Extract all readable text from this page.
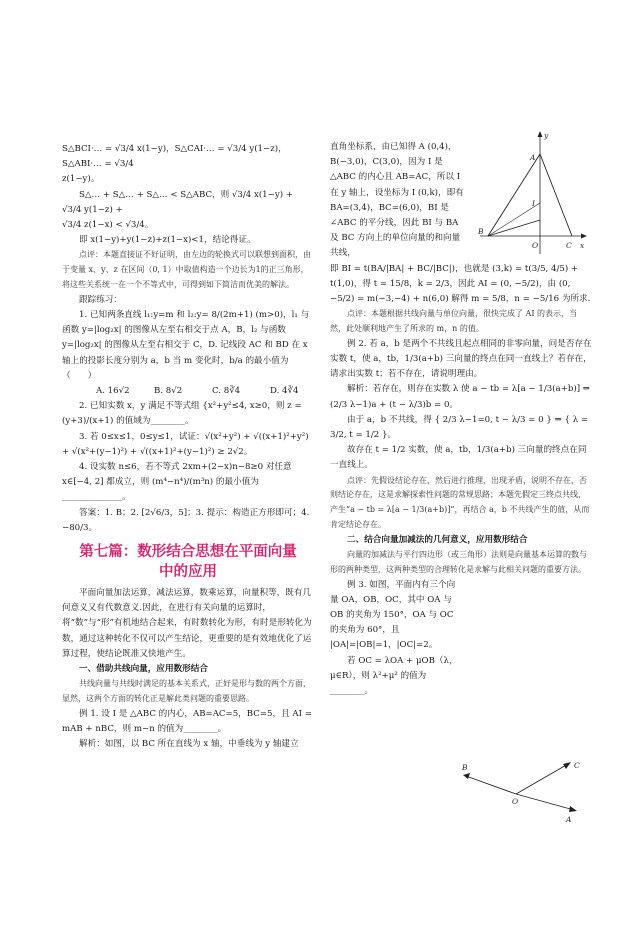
S△BCI·… = √3/4 x(1−y)，S△CAI·… = √3/4 y(1−z)，S△ABI·… = √3/4

z(1−y)。

S△… + S△… + S△… < S△ABC，则 √3/4 x(1−y) + √3/4 y(1−z) +

√3/4 z(1−x) < √3/4。

即 x(1−y)+y(1−z)+z(1−x)<1，结论得证。

点评：本题直接证不好证明，由左边的轮换式可以联想到面积，由于变量 x、y、z 在区间（0, 1）中取值构造一个边长为1的正三角形，将这些关系统一在一个不等式中，可得到如下简洁而优美的解法。

跟踪练习：

1. 已知两条直线 l₁:y=m 和 l₂:y= 8/(2m+1) (m>0)，l₁ 与函数 y=|log₂x| 的图像从左至右相交于点 A，B，l₂ 与函数 y=|log₂x| 的图像从左至右相交于 C，D. 记线段 AC 和 BD 在 x 轴上的投影长度分别为 a，b 当 m 变化时，b/a 的最小值为（　　）

A. 16√2	B. 8√2	C. 8∛4	D. 4∛4

2. 已知实数 x，y 满足不等式组 {x²+y²≤4, x≥0，则 z = (y+3)/(x+1) 的值域为________。

3. 若 0≤x≤1，0≤y≤1，试证：√(x²+y²) + √((x+1)²+y²) + √(x²+(y−1)²) + √((x+1)²+(y−1)²) ≥ 2√2。

4. 设实数 n≤6，若不等式 2xm+(2−x)n−8≥0 对任意 x∈[−4, 2] 都成立，则 (m⁴−n⁴)/(m³n) 的最小值为______________。

答案：1. B；2. [2√6/3，5]；3. 提示：构造正方形即可；4. −80/3。

第七篇：数形结合思想在平面向量
中的应用

平面向量加法运算，减法运算，数乘运算，向量积等，既有几何意义又有代数意义.因此，在进行有关向量的运算时，将“数”与“形”有机地结合起来，有时数转化为形，有时是形转化为数，通过这种转化不仅可以产生结论，更重要的是有效地优化了运算过程，使结论既准又快地产生。

一、借助共线向量，应用数形结合

共线向量与共线时满足的基本关系式，正好是形与数的两个方面，显然，这两个方面的转化正是解此类问题的重要思路。

例 1. 设 I 是 △ABC 的内心，AB=AC=5，BC=5，且 AI = mAB + nBC，则 m−n 的值为________。

解析：如图，以 BC 所在直线为 x 轴，中垂线为 y 轴建立

直角坐标系，由已知得 A (0,4)，B(−3,0)，C(3,0)，因为 I 是 △ABC 的内心且 AB=AC，所以 I 在 y 轴上，设坐标为 I (0,k)，即有 BA=(3,4)，BC=(6,0)，BI 是 ∠ABC 的平分线，因此 BI 与 BA 及 BC 方向上的单位向量的和向量共线，

即 BI = t(BA/|BA| + BC/|BC|)，也就是 (3,k) = t(3/5, 4/5) + t(1,0)，得 t = 15/8，k = 2/3，因此 AI = (0, −5/2)，由 (0, −5/2) = m(−3,−4) + n(6,0) 解得 m = 5/8，n = −5/16 为所求.

点评：本题根据共线向量与单位向量，很快完成了 AI 的表示，当然，此处顺利地产生了所求的 m，n 的值。

例 2. 若 a，b 是两个不共线且起点相同的非零向量，问是否存在实数 t，使 a，tb，1/3(a+b) 三向量的终点在同一直线上？若存在，请求出实数 t；若不存在，请说明理由。

解析：若存在，则存在实数 λ 使 a − tb = λ[a − 1/3(a+b)] ⇒

(2/3 λ−1)a + (t − λ/3)b = 0。

由于 a，b 不共线，得 { 2/3 λ−1=0, t − λ/3 = 0 } ⇒ { λ = 3/2, t = 1/2 }。

故存在 t = 1/2 实数，使 a，tb，1/3(a+b) 三向量的终点在同一直线上。

点评：先假设结论存在，然后进行推理，出现矛盾，说明不存在，否则结论存在，这是求解探索性问题的常规思路；本题先假定三终点共线，产生“a − tb = λ[a − 1/3(a+b)]”，再结合 a，b 不共线产生的值，从而肯定结论存在。

二、结合向量加减法的几何意义，应用数形结合

向量的加减法与平行四边形（或三角形）法则是向量基本运算的数与形的两种类型，这两种类型的合理转化是求解与此相关问题的重要方法。

例 3. 如图，平面内有三个向量 OA，OB，OC，其中 OA 与 OB 的夹角为 150°，OA 与 OC 的夹角为 60°，且 |OA|=|OB|=1，|OC|=2。

若 OC = λOA + μOB（λ，μ∈R），则 λ²+μ² 的值为________。

y
A
I
B
O	C x
C
B
O
A
